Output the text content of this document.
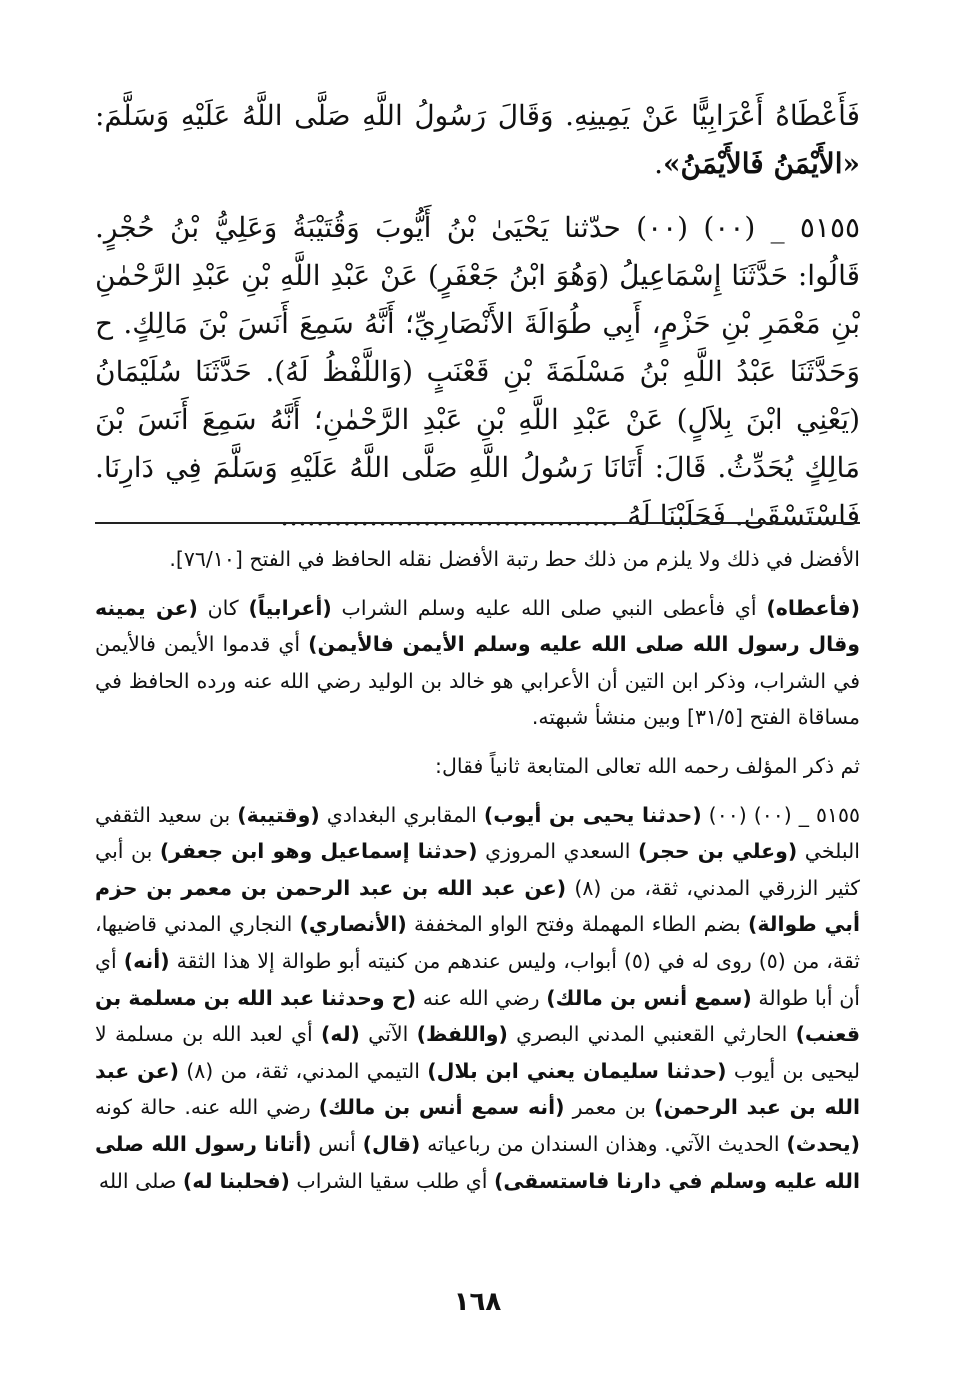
فَأَعْطَاهُ أَعْرَابِيًّا عَنْ يَمِينِهِ. وَقَالَ رَسُولُ اللَّهِ صَلَّى اللَّهُ عَلَيْهِ وَسَلَّمَ: «الأَيْمَنُ فَالأَيْمَنُ».

٥١٥٥ _ (٠٠) (٠٠) حدّثنا يَحْيَىٰ بْنُ أَيُّوبَ وَقُتَيْبَةُ وَعَلِيُّ بْنُ حُجْرٍ. قَالُوا: حَدَّثَنَا إِسْمَاعِيلُ (وَهُوَ ابْنُ جَعْفَرٍ) عَنْ عَبْدِ اللَّهِ بْنِ عَبْدِ الرَّحْمٰنِ بْنِ مَعْمَرِ بْنِ حَزْمٍ، أَبِي طُوَالَةَ الأَنْصَارِيِّ؛ أَنَّهُ سَمِعَ أَنَسَ بْنَ مَالِكٍ. ح وَحَدَّثَنَا عَبْدُ اللَّهِ بْنُ مَسْلَمَةَ بْنِ قَعْنَبٍ (وَاللَّفْظُ لَهُ). حَدَّثَنَا سُلَيْمَانُ (يَعْنِي ابْنَ بِلاَلٍ) عَنْ عَبْدِ اللَّهِ بْنِ عَبْدِ الرَّحْمٰنِ؛ أَنَّهُ سَمِعَ أَنَسَ بْنَ مَالِكٍ يُحَدِّثُ. قَالَ: أَتَانَا رَسُولُ اللَّهِ صَلَّى اللَّهُ عَلَيْهِ وَسَلَّمَ فِي دَارِنَا. فَاسْتَسْقَىٰ. فَحَلَبْنَا لَهُ ......................................

الأفضل في ذلك ولا يلزم من ذلك حط رتبة الأفضل نقله الحافظ في الفتح [٧٦/١٠].

(فأعطاه) أي فأعطى النبي صلى الله عليه وسلم الشراب (أعرابياً) كان (عن يمينه وقال رسول الله صلى الله عليه وسلم الأيمن فالأيمن) أي قدموا الأيمن فالأيمن في الشراب، وذكر ابن التين أن الأعرابي هو خالد بن الوليد رضي الله عنه ورده الحافظ في مساقاة الفتح [٣١/٥] وبين منشأ شبهته.

ثم ذكر المؤلف رحمه الله تعالى المتابعة ثانياً فقال:

٥١٥٥ _ (٠٠) (٠٠) (حدثنا يحيى بن أيوب) المقابري البغدادي (وقتيبة) بن سعيد الثقفي البلخي (وعلي بن حجر) السعدي المروزي (حدثنا إسماعيل وهو ابن جعفر) بن أبي كثير الزرقي المدني، ثقة، من (٨) (عن عبد الله بن عبد الرحمن بن معمر بن حزم أبي طوالة) بضم الطاء المهملة وفتح الواو المخففة (الأنصاري) النجاري المدني قاضيها، ثقة، من (٥) روى له في (٥) أبواب، وليس عندهم من كنيته أبو طوالة إلا هذا الثقة (أنه) أي أن أبا طوالة (سمع أنس بن مالك) رضي الله عنه (ح وحدثنا عبد الله بن مسلمة بن قعنب) الحارثي القعنبي المدني البصري (واللفظ) الآتي (له) أي لعبد الله بن مسلمة لا ليحيى بن أيوب (حدثنا سليمان يعني ابن بلال) التيمي المدني، ثقة، من (٨) (عن عبد الله بن عبد الرحمن) بن معمر (أنه سمع أنس بن مالك) رضي الله عنه. حالة كونه (يحدث) الحديث الآتي. وهذان السندان من رباعياته (قال) أنس (أتانا رسول الله صلى الله عليه وسلم في دارنا فاستسقى) أي طلب سقيا الشراب (فحلبنا له) صلى الله

١٦٨
